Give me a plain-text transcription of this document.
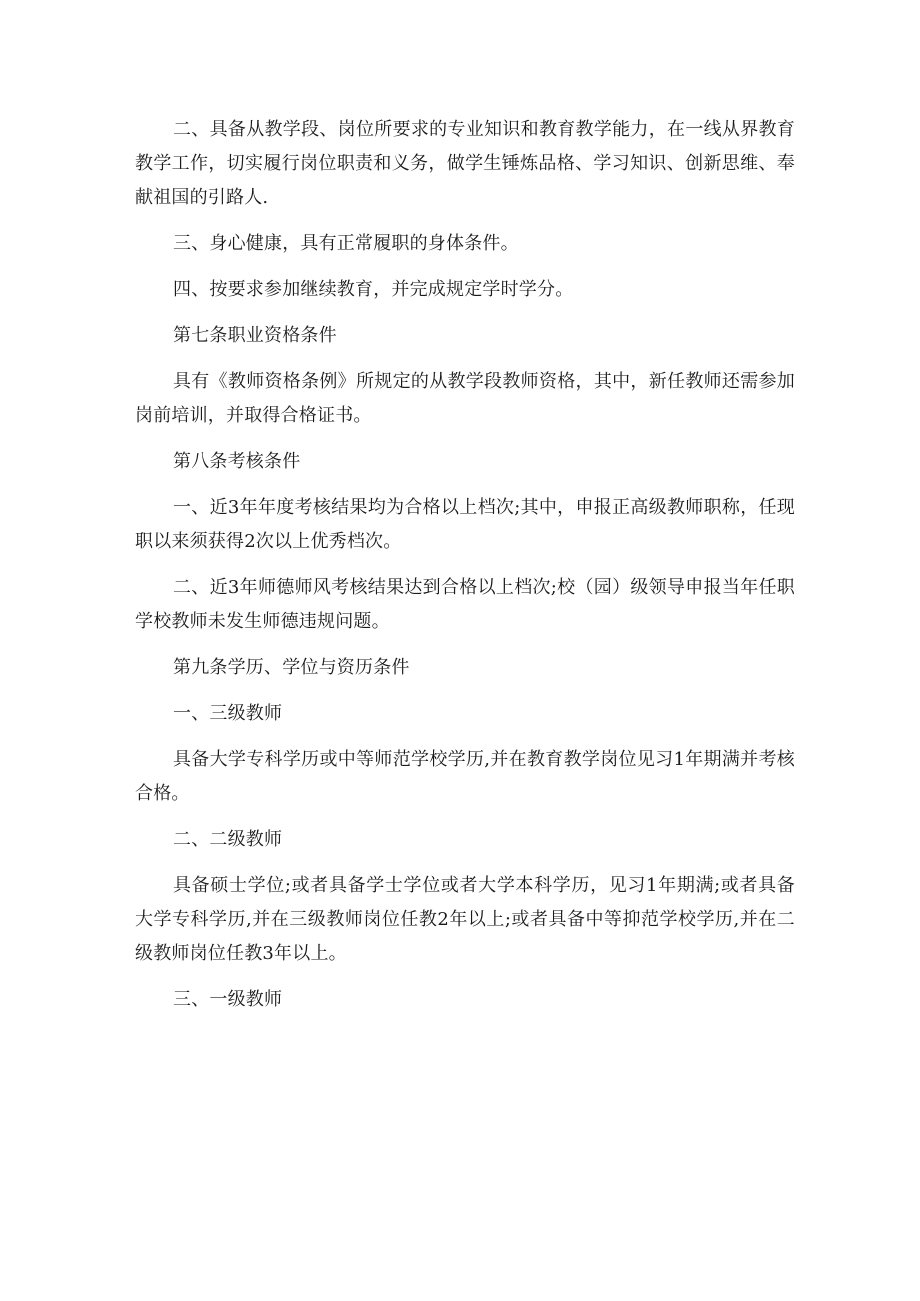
二、具备从教学段、岗位所要求的专业知识和教育教学能力，在一线从界教育教学工作，切实履行岗位职责和义务，做学生锤炼品格、学习知识、创新思维、奉献祖国的引路人.

三、身心健康，具有正常履职的身体条件。

四、按要求参加继续教育，并完成规定学时学分。

第七条职业资格条件

具有《教师资格条例》所规定的从教学段教师资格，其中，新任教师还需参加岗前培训，并取得合格证书。

第八条考核条件

一、近3年年度考核结果均为合格以上档次;其中，申报正高级教师职称，任现职以来须获得2次以上优秀档次。

二、近3年师德师风考核结果达到合格以上档次;校（园）级领导申报当年任职学校教师未发生师德违规问题。

第九条学历、学位与资历条件

一、三级教师

具备大学专科学历或中等师范学校学历,并在教育教学岗位见习1年期满并考核合格。

二、二级教师

具备硕士学位;或者具备学士学位或者大学本科学历，见习1年期满;或者具备大学专科学历,并在三级教师岗位任教2年以上;或者具备中等抑范学校学历,并在二级教师岗位任教3年以上。

三、一级教师
